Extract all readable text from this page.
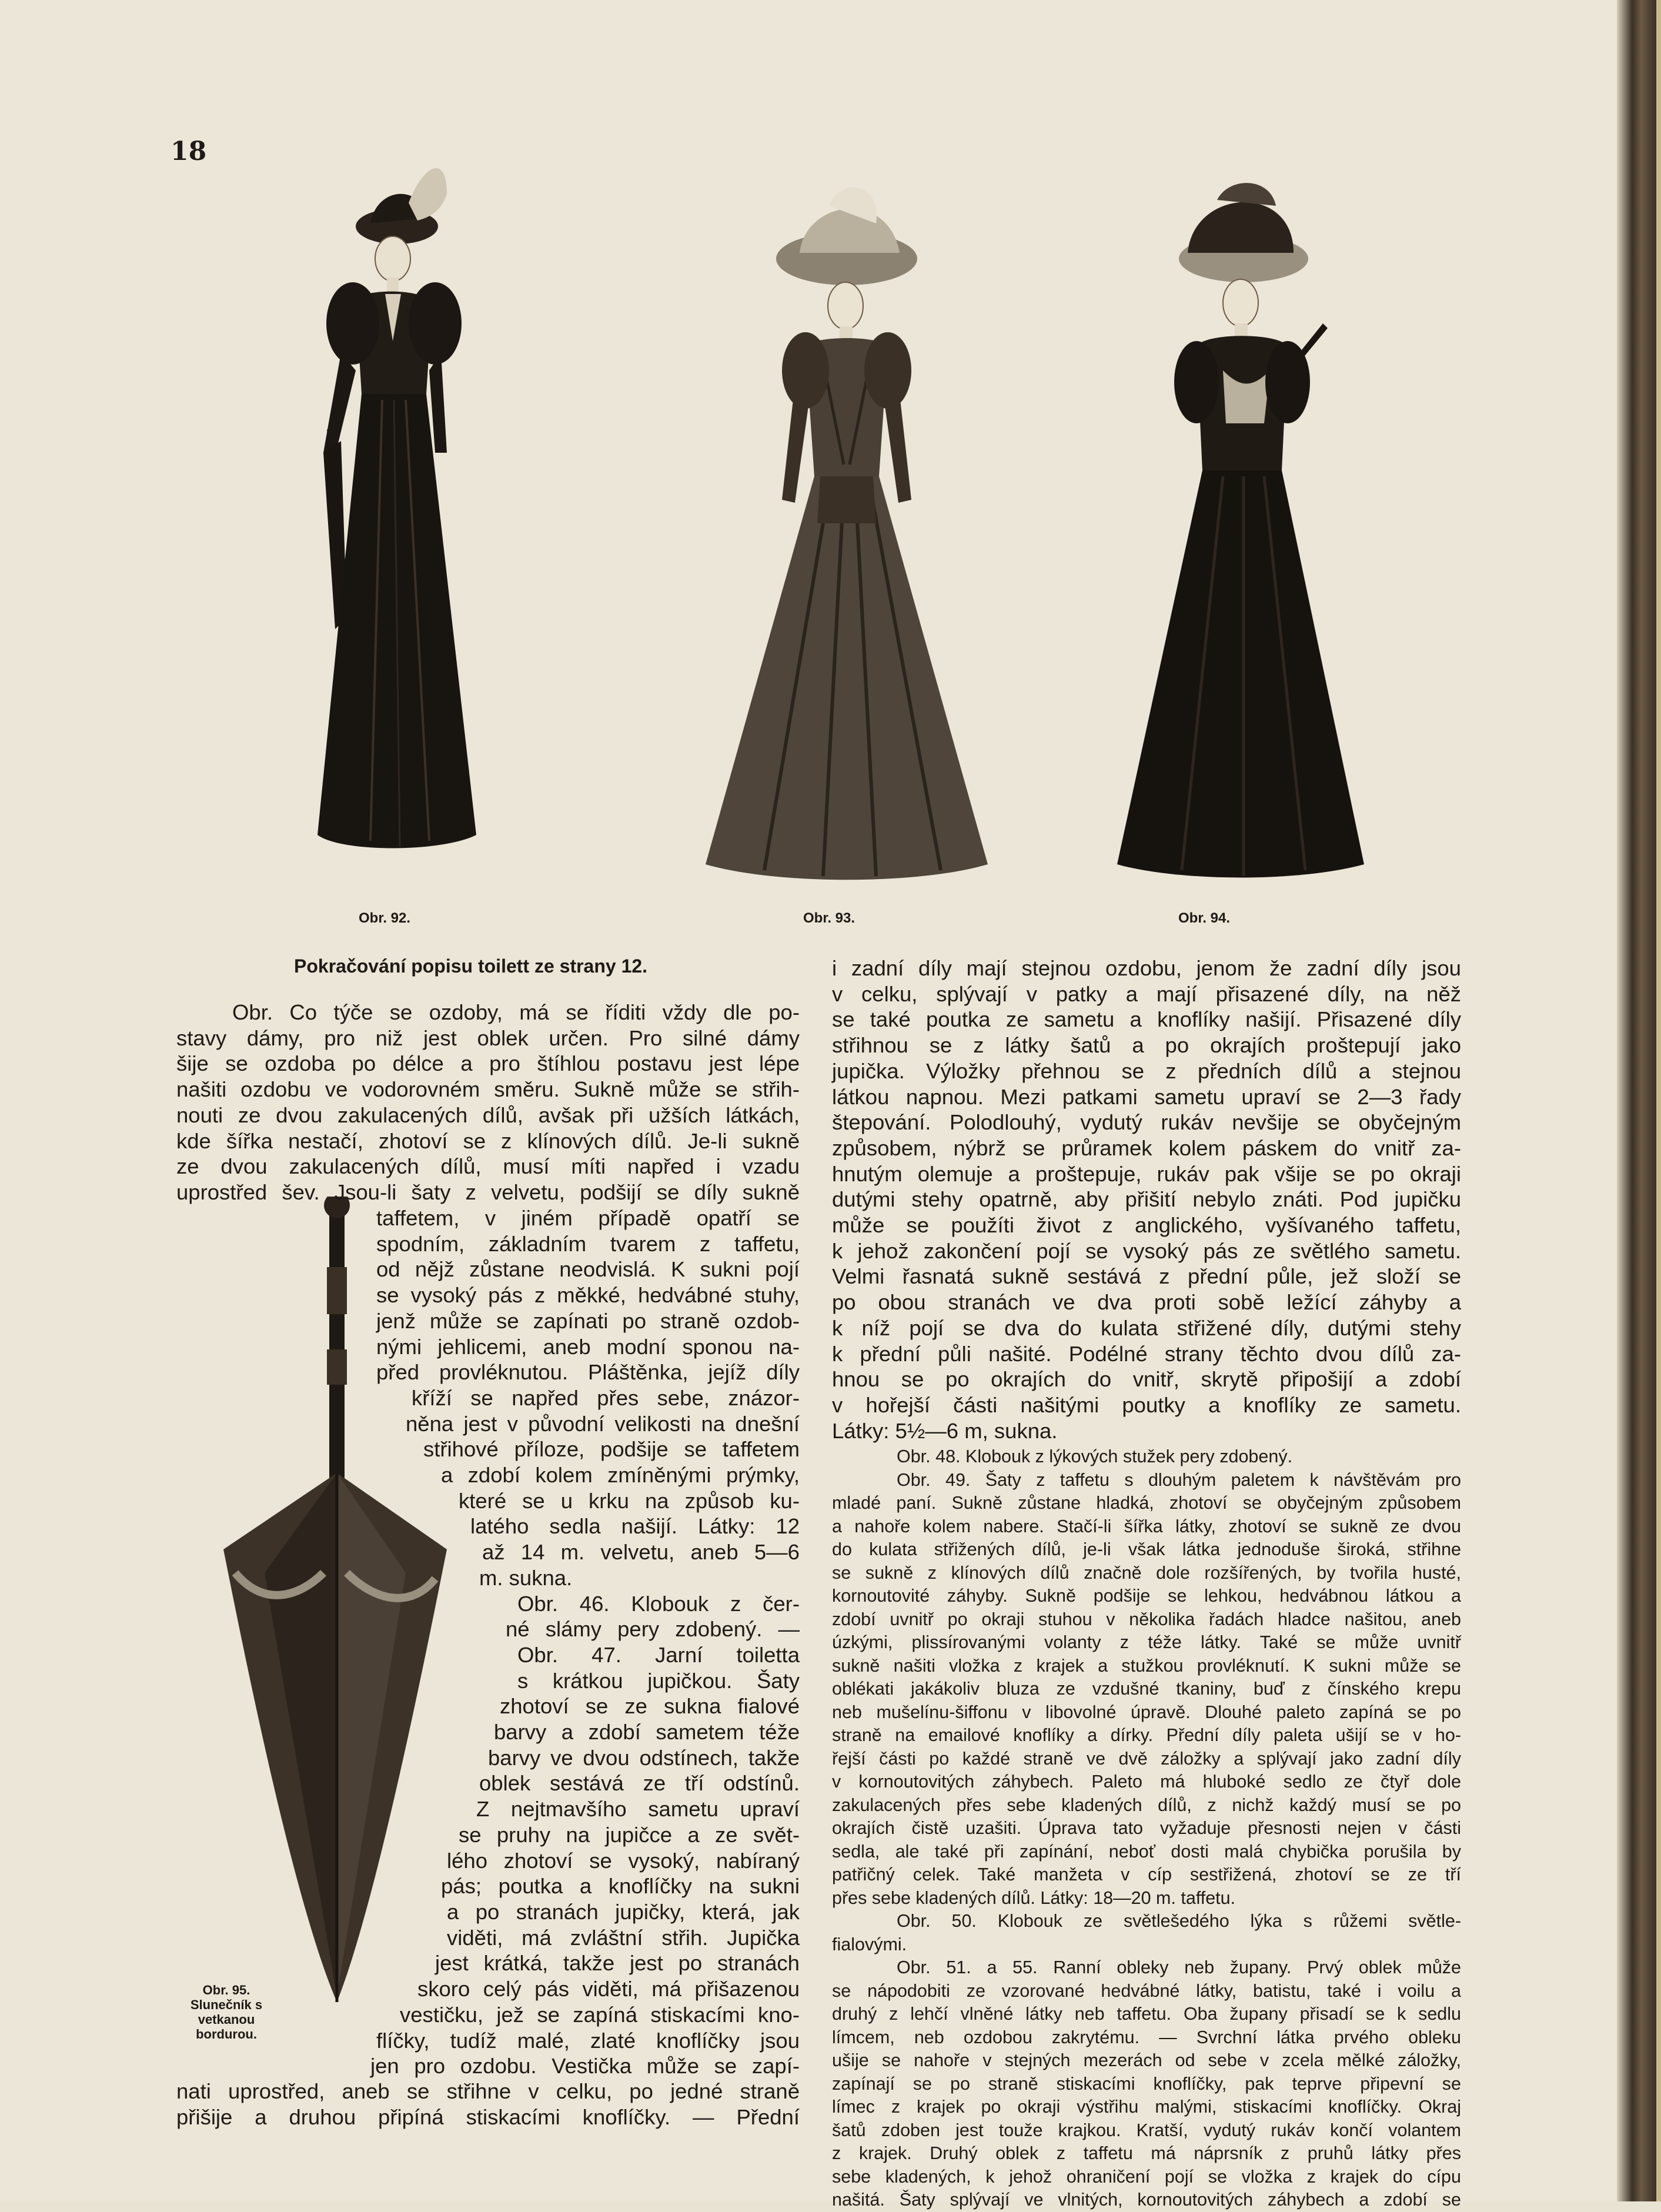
18
Obr. 92.	Obr. 93.	Obr. 94.
Obr. 95. Slunečník s vetkanou bordurou.
Pokračování popisu toilett ze strany 12.
Obr. Co týče se ozdoby, má se říditi vždy dle po-
stavy dámy, pro niž jest oblek určen. Pro silné dámy
šije se ozdoba po délce a pro štíhlou postavu jest lépe
našiti ozdobu ve vodorovném směru. Sukně může se střih-
nouti ze dvou zakulacených dílů, avšak při užších látkách,
kde šířka nestačí, zhotoví se z klínových dílů. Je-li sukně
ze dvou zakulacených dílů, musí míti napřed i vzadu
uprostřed šev. Jsou-li šaty z velvetu, podšijí se díly sukně
taffetem, v jiném případě opatří se
spodním, základním tvarem z taffetu,
od nějž zůstane neodvislá. K sukni pojí
se vysoký pás z měkké, hedvábné stuhy,
jenž může se zapínati po straně ozdob-
nými jehlicemi, aneb modní sponou na-
před provléknutou. Pláštěnka, jejíž díly
kříží se napřed přes sebe, znázor-
něna jest v původní velikosti na dnešní
střihové příloze, podšije se taffetem
a zdobí kolem zmíněnými prýmky,
které se u krku na způsob ku-
latého sedla našijí. Látky: 12
až 14 m. velvetu, aneb 5—6
m. sukna.
Obr. 46. Klobouk z čer-
né slámy pery zdobený. —
Obr. 47. Jarní toiletta
s krátkou jupičkou. Šaty
zhotoví se ze sukna fialové
barvy a zdobí sametem téže
barvy ve dvou odstínech, takže
oblek sestává ze tří odstínů.
Z nejtmavšího sametu upraví
se pruhy na jupičce a ze svět-
lého zhotoví se vysoký, nabíraný
pás; poutka a knoflíčky na sukni
a po stranách jupičky, která, jak
viděti, má zvláštní střih. Jupička
jest krátká, takže jest po stranách
skoro celý pás viděti, má přišazenou
vestičku, jež se zapíná stiskacími kno-
flíčky, tudíž malé, zlaté knoflíčky jsou
jen pro ozdobu. Vestička může se zapí-
nati uprostřed, aneb se střihne v celku, po jedné straně
přišije a druhou připíná stiskacími knoflíčky. — Přední
i zadní díly mají stejnou ozdobu, jenom že zadní díly jsou
v celku, splývají v patky a mají přisazené díly, na něž
se také poutka ze sametu a knoflíky našijí. Přisazené díly
střihnou se z látky šatů a po okrajích proštepují jako
jupička. Výložky přehnou se z předních dílů a stejnou
látkou napnou. Mezi patkami sametu upraví se 2—3 řady
štepování. Polodlouhý, vydutý rukáv nevšije se obyčejným
způsobem, nýbrž se průramek kolem páskem do vnitř za-
hnutým olemuje a proštepuje, rukáv pak všije se po okraji
dutými stehy opatrně, aby přišití nebylo znáti. Pod jupičku
může se použíti život z anglického, vyšívaného taffetu,
k jehož zakončení pojí se vysoký pás ze světlého sametu.
Velmi řasnatá sukně sestává z přední půle, jež složí se
po obou stranách ve dva proti sobě ležící záhyby a
k níž pojí se dva do kulata střižené díly, dutými stehy
k přední půli našité. Podélné strany těchto dvou dílů za-
hnou se po okrajích do vnitř, skrytě připošijí a zdobí
v hořejší části našitými poutky a knoflíky ze sametu.
Látky: 5½—6 m, sukna.
Obr. 48. Klobouk z lýkových stužek pery zdobený.
Obr. 49. Šaty z taffetu s dlouhým paletem k návštěvám pro
mladé paní. Sukně zůstane hladká, zhotoví se obyčejným způsobem
a nahoře kolem nabere. Stačí-li šířka látky, zhotoví se sukně ze dvou
do kulata střižených dílů, je-li však látka jednoduše široká, střihne
se sukně z klínových dílů značně dole rozšířených, by tvořila husté,
kornoutovité záhyby. Sukně podšije se lehkou, hedvábnou látkou a
zdobí uvnitř po okraji stuhou v několika řadách hladce našitou, aneb
úzkými, plissírovanými volanty z téže látky. Také se může uvnitř
sukně našiti vložka z krajek a stužkou provléknutí. K sukni může se
oblékati jakákoliv bluza ze vzdušné tkaniny, buď z čínského krepu
neb mušelínu-šiffonu v libovolné úpravě. Dlouhé paleto zapíná se po
straně na emailové knoflíky a dírky. Přední díly paleta ušijí se v ho-
řejší části po každé straně ve dvě záložky a splývají jako zadní díly
v kornoutovitých záhybech. Paleto má hluboké sedlo ze čtyř dole
zakulacených přes sebe kladených dílů, z nichž každý musí se po
okrajích čistě uzašiti. Úprava tato vyžaduje přesnosti nejen v části
sedla, ale také při zapínání, neboť dosti malá chybička porušila by
patřičný celek. Také manžeta v cíp sestřižená, zhotoví se ze tří
přes sebe kladených dílů. Látky: 18—20 m. taffetu.
Obr. 50. Klobouk ze světlešedého lýka s růžemi světle-
fialovými.
Obr. 51. a 55. Ranní obleky neb župany. Prvý oblek může
se nápodobiti ze vzorované hedvábné látky, batistu, také i voilu a
druhý z lehčí vlněné látky neb taffetu. Oba župany přisadí se k sedlu
límcem, neb ozdobou zakrytému. — Svrchní látka prvého obleku
ušije se nahoře v stejných mezerách od sebe v zcela mělké záložky,
zapínají se po straně stiskacími knoflíčky, pak teprve připevní se
límec z krajek po okraji výstřihu malými, stiskacími knoflíčky. Okraj
šatů zdoben jest touže krajkou. Kratší, vydutý rukáv končí volantem
z krajek. Druhý oblek z taffetu má náprsník z pruhů látky přes
sebe kladených, k jehož ohraničení pojí se vložka z krajek do cípu
našitá. Šaty splývají ve vlnitých, kornoutovitých záhybech a zdobí se
